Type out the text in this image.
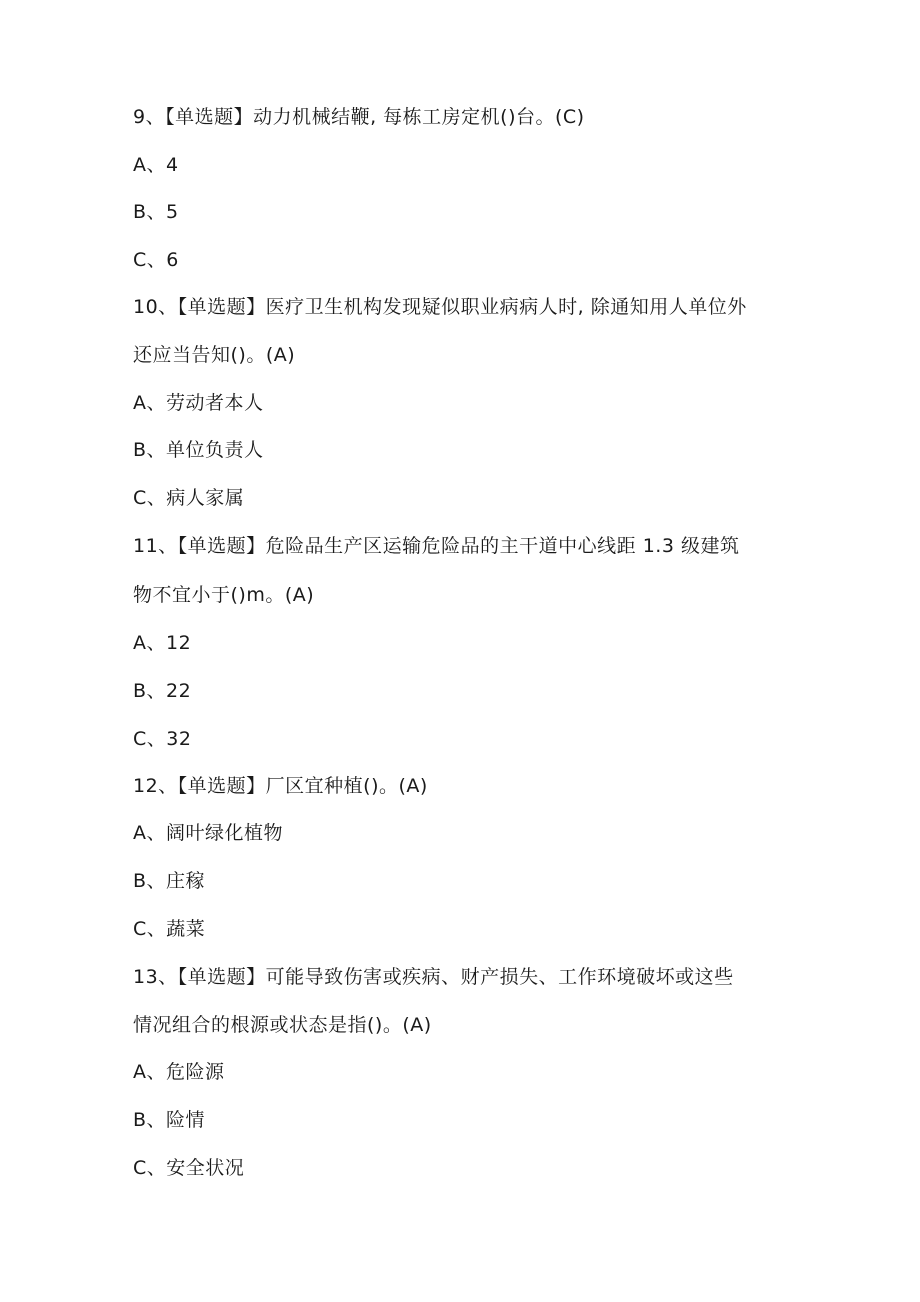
9、【单选题】动力机械结鞭, 每栋工房定机()台。(C)
A、4
B、5
C、6
10、【单选题】医疗卫生机构发现疑似职业病病人时, 除通知用人单位外
还应当告知()。(A)
A、劳动者本人
B、单位负责人
C、病人家属
11、【单选题】危险品生产区运输危险品的主干道中心线距 1.3 级建筑
物不宜小于()m。(A)
A、12
B、22
C、32
12、【单选题】厂区宜种植()。(A)
A、阔叶绿化植物
B、庄稼
C、蔬菜
13、【单选题】可能导致伤害或疾病、财产损失、工作环境破坏或这些
情况组合的根源或状态是指()。(A)
A、危险源
B、险情
C、安全状况
